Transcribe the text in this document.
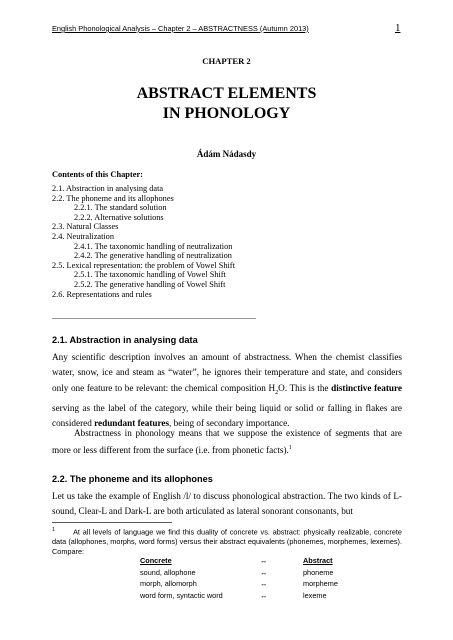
English Phonological Analysis – Chapter 2 – ABSTRACTNESS (Autumn 2013)	1
CHAPTER 2
ABSTRACT ELEMENTS
IN PHONOLOGY
Ádám Nádasdy
Contents of this Chapter:
2.1. Abstraction in analysing data
2.2. The phoneme and its allophones
2.2.1. The standard solution
2.2.2. Alternative solutions
2.3. Natural Classes
2.4. Neutralization
2.4.1. The taxonomic handling of neutralization
2.4.2. The generative handling of neutralization
2.5. Lexical representation: the problem of Vowel Shift
2.5.1. The taxonomic handling of Vowel Shift
2.5.2. The generative handling of Vowel Shift
2.6. Representations and rules
2.1. Abstraction in analysing data

Any scientific description involves an amount of abstractness. When the chemist classifies water, snow, ice and steam as “water”, he ignores their temperature and state, and considers only one feature to be relevant: the chemical composition $H_2O$. This is the distinctive feature serving as the label of the category, while their being liquid or solid or falling in flakes are considered redundant features, being of secondary importance.

Abstractness in phonology means that we suppose the existence of segments that are more or less different from the surface (i.e. from phonetic facts).$^1$

2.2. The phoneme and its allophones

Let us take the example of English /l/ to discuss phonological abstraction. The two kinds of L-sound, Clear-L and Dark-L are both articulated as lateral sonorant consonants, but

$^1$ At all levels of language we find this duality of concrete vs. abstract: physically realizable, concrete data (allophones, morphs, word forms) versus their abstract equivalents (phonemes, morphemes, lexemes). Compare:

Concrete	↔	Abstract
sound, allophone	↔	phoneme
morph, allomorph	↔	morpheme
word form, syntactic word	↔	lexeme
